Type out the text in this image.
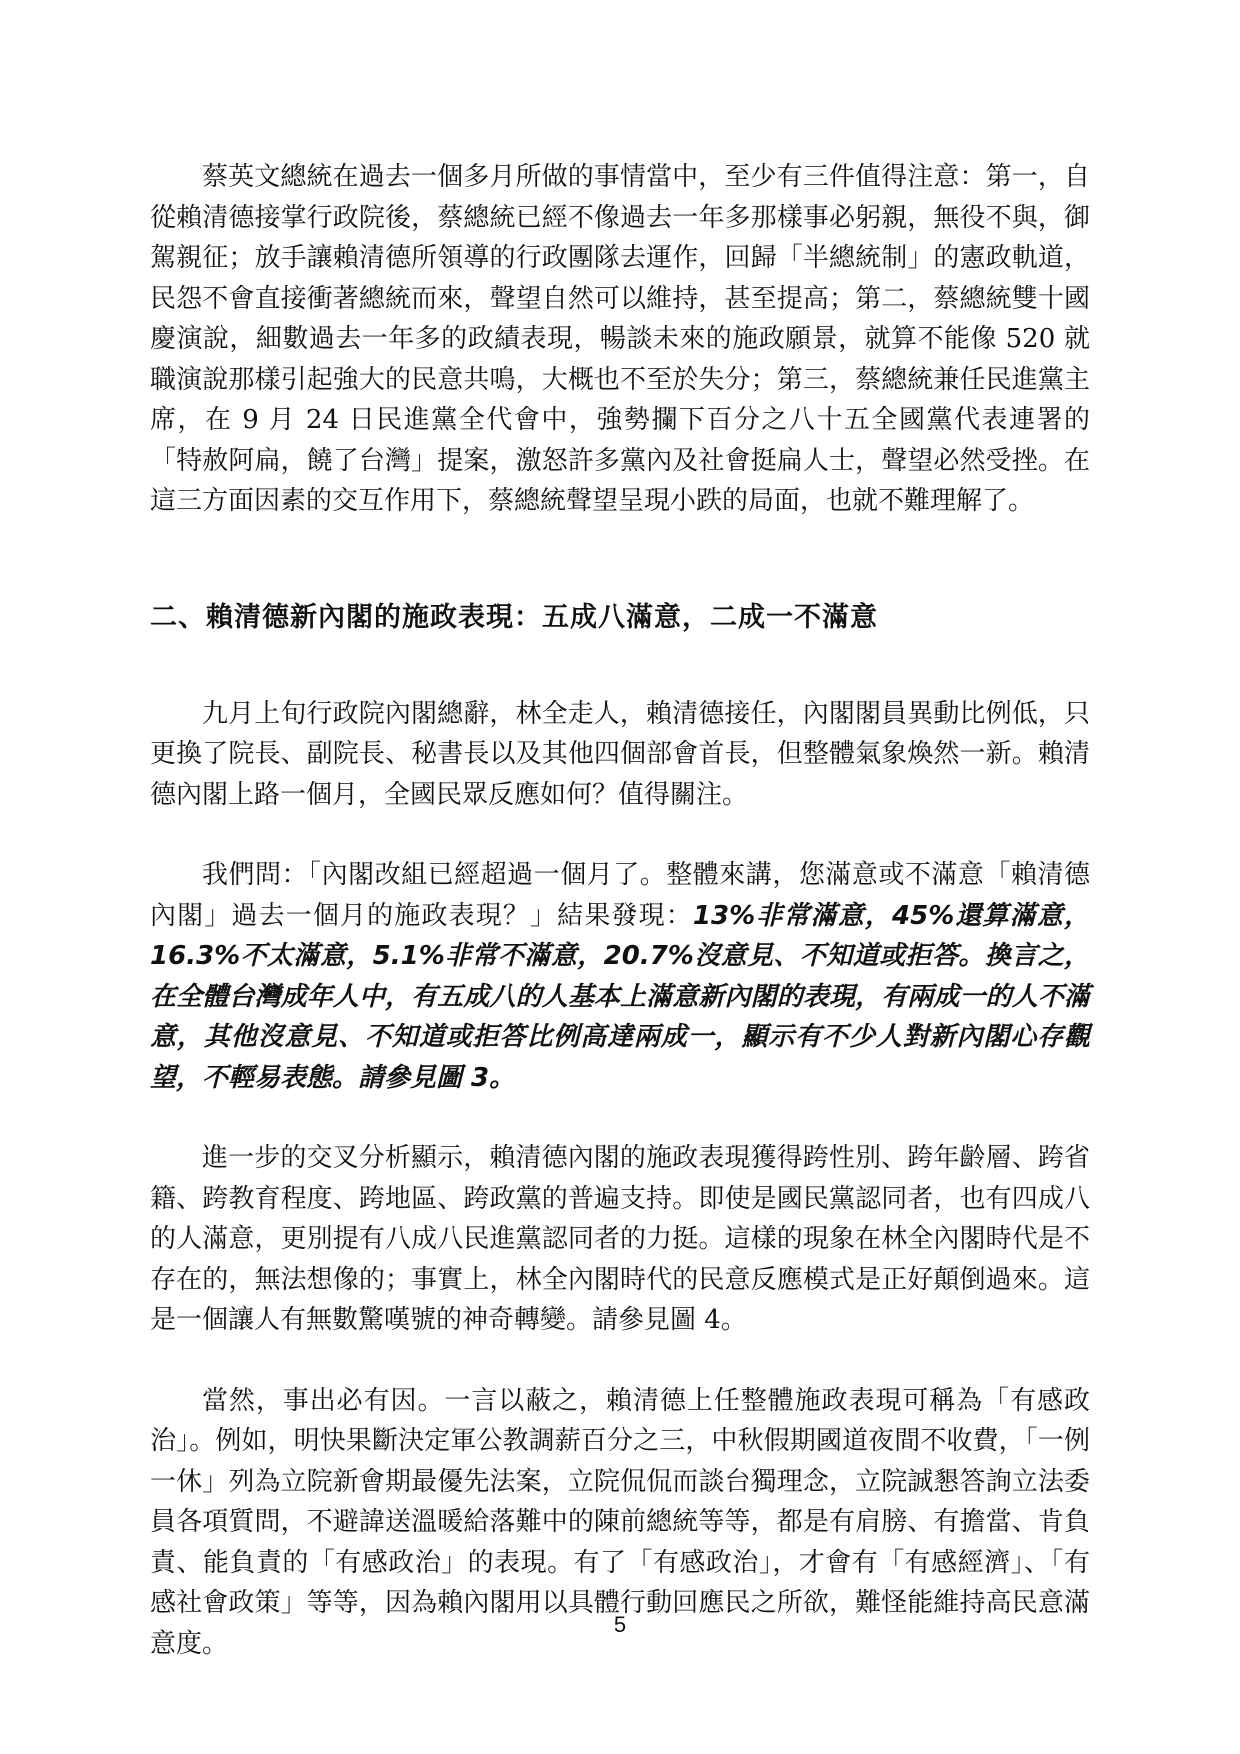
蔡英文總統在過去一個多月所做的事情當中，至少有三件值得注意：第一，自從賴清德接掌行政院後，蔡總統已經不像過去一年多那樣事必躬親，無役不與，御駕親征；放手讓賴清德所領導的行政團隊去運作，回歸「半總統制」的憲政軌道，民怨不會直接衝著總統而來，聲望自然可以維持，甚至提高；第二，蔡總統雙十國慶演說，細數過去一年多的政績表現，暢談未來的施政願景，就算不能像 520 就職演說那樣引起強大的民意共鳴，大概也不至於失分；第三，蔡總統兼任民進黨主席，在 9 月 24 日民進黨全代會中，強勢攔下百分之八十五全國黨代表連署的「特赦阿扁，饒了台灣」提案，激怒許多黨內及社會挺扁人士，聲望必然受挫。在這三方面因素的交互作用下，蔡總統聲望呈現小跌的局面，也就不難理解了。

二、賴清德新內閣的施政表現：五成八滿意，二成一不滿意

九月上旬行政院內閣總辭，林全走人，賴清德接任，內閣閣員異動比例低，只更換了院長、副院長、秘書長以及其他四個部會首長，但整體氣象煥然一新。賴清德內閣上路一個月，全國民眾反應如何？值得關注。

我們問：「內閣改組已經超過一個月了。整體來講，您滿意或不滿意「賴清德內閣」過去一個月的施政表現？」結果發現：13%非常滿意，45%還算滿意，16.3%不太滿意，5.1%非常不滿意，20.7%沒意見、不知道或拒答。換言之，在全體台灣成年人中，有五成八的人基本上滿意新內閣的表現，有兩成一的人不滿意，其他沒意見、不知道或拒答比例高達兩成一，顯示有不少人對新內閣心存觀望，不輕易表態。請參見圖 3。

進一步的交叉分析顯示，賴清德內閣的施政表現獲得跨性別、跨年齡層、跨省籍、跨教育程度、跨地區、跨政黨的普遍支持。即使是國民黨認同者，也有四成八的人滿意，更別提有八成八民進黨認同者的力挺。這樣的現象在林全內閣時代是不存在的，無法想像的；事實上，林全內閣時代的民意反應模式是正好顛倒過來。這是一個讓人有無數驚嘆號的神奇轉變。請參見圖 4。

當然，事出必有因。一言以蔽之，賴清德上任整體施政表現可稱為「有感政治」。例如，明快果斷決定軍公教調薪百分之三，中秋假期國道夜間不收費，「一例一休」列為立院新會期最優先法案，立院侃侃而談台獨理念，立院誠懇答詢立法委員各項質問，不避諱送溫暖給落難中的陳前總統等等，都是有肩膀、有擔當、肯負責、能負責的「有感政治」的表現。有了「有感政治」，才會有「有感經濟」、「有感社會政策」等等，因為賴內閣用以具體行動回應民之所欲，難怪能維持高民意滿意度。

5
